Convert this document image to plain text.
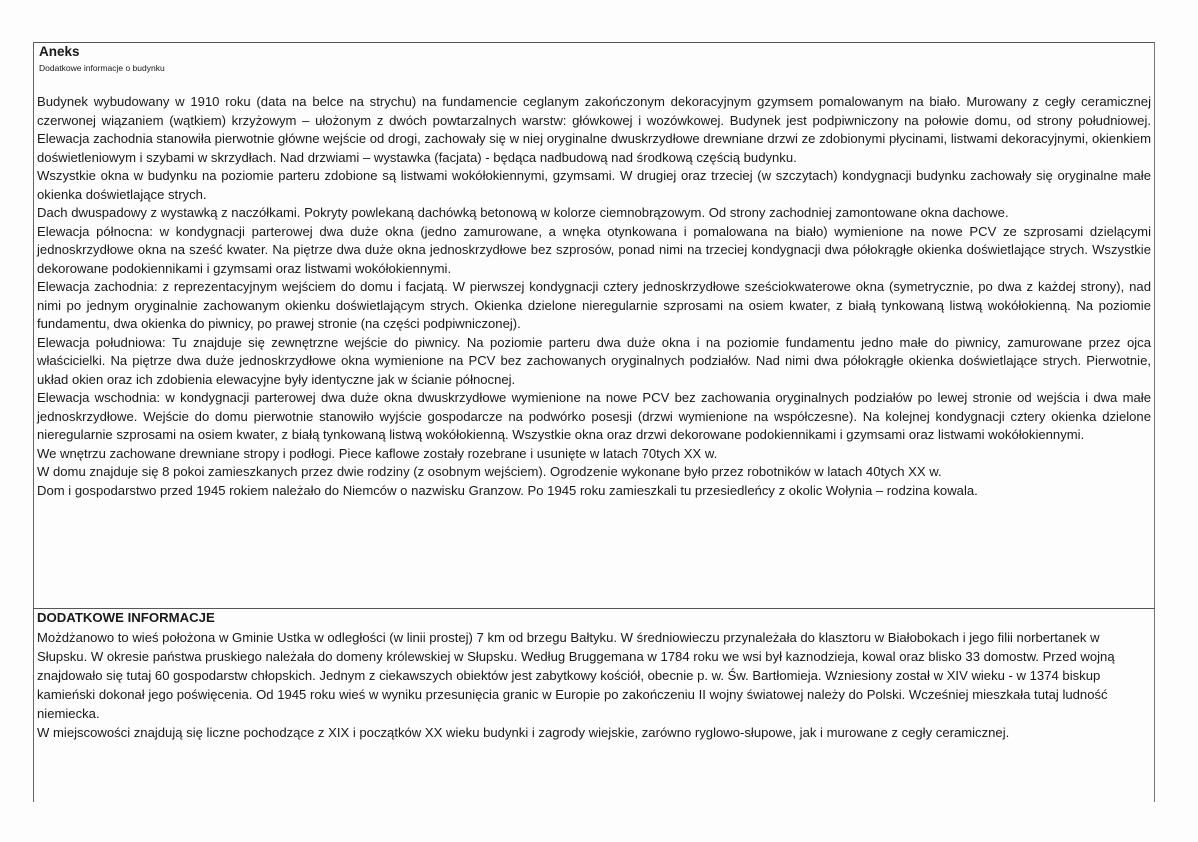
Aneks
Dodatkowe informacje o budynku

Budynek wybudowany w 1910 roku (data na belce na strychu) na fundamencie ceglanym zakończonym dekoracyjnym gzymsem pomalowanym na biało. Murowany z cegły ceramicznej czerwonej wiązaniem (wątkiem) krzyżowym – ułożonym z dwóch powtarzalnych warstw: główkowej i wozówkowej. Budynek jest podpiwniczony na połowie domu, od strony południowej. Elewacja zachodnia stanowiła pierwotnie główne wejście od drogi, zachowały się w niej oryginalne dwuskrzydłowe drewniane drzwi ze zdobionymi płycinami, listwami dekoracyjnymi, okienkiem doświetleniowym i szybami w skrzydłach. Nad drzwiami – wystawka (facjata) - będąca nadbudową nad środkową częścią budynku.

Wszystkie okna w budynku na poziomie parteru zdobione są listwami wokółokiennymi, gzymsami. W drugiej oraz trzeciej (w szczytach) kondygnacji budynku zachowały się oryginalne małe okienka doświetlające strych.

Dach dwuspadowy z wystawką z naczółkami. Pokryty powlekaną dachówką betonową w kolorze ciemnobrązowym. Od strony zachodniej zamontowane okna dachowe.

Elewacja północna: w kondygnacji parterowej dwa duże okna (jedno zamurowane, a wnęka otynkowana i pomalowana na biało) wymienione na nowe PCV ze szprosami dzielącymi jednoskrzydłowe okna na sześć kwater. Na piętrze dwa duże okna jednoskrzydłowe bez szprosów, ponad nimi na trzeciej kondygnacji dwa półokrągłe okienka doświetlające strych. Wszystkie dekorowane podokiennikami i gzymsami oraz listwami wokółokiennymi.

Elewacja zachodnia: z reprezentacyjnym wejściem do domu i facjatą. W pierwszej kondygnacji cztery jednoskrzydłowe sześciokwaterowe okna (symetrycznie, po dwa z każdej strony), nad nimi po jednym oryginalnie zachowanym okienku doświetlającym strych. Okienka dzielone nieregularnie szprosami na osiem kwater, z białą tynkowaną listwą wokółokienną. Na poziomie fundamentu, dwa okienka do piwnicy, po prawej stronie (na części podpiwniczonej).

Elewacja południowa: Tu znajduje się zewnętrzne wejście do piwnicy. Na poziomie parteru dwa duże okna i na poziomie fundamentu jedno małe do piwnicy, zamurowane przez ojca właścicielki. Na piętrze dwa duże jednoskrzydłowe okna wymienione na PCV bez zachowanych oryginalnych podziałów. Nad nimi dwa półokrągłe okienka doświetlające strych. Pierwotnie, układ okien oraz ich zdobienia elewacyjne były identyczne jak w ścianie północnej.

Elewacja wschodnia: w kondygnacji parterowej dwa duże okna dwuskrzydłowe wymienione na nowe PCV bez zachowania oryginalnych podziałów po lewej stronie od wejścia i dwa małe jednoskrzydłowe. Wejście do domu pierwotnie stanowiło wyjście gospodarcze na podwórko posesji (drzwi wymienione na współczesne). Na kolejnej kondygnacji cztery okienka dzielone nieregularnie szprosami na osiem kwater, z białą tynkowaną listwą wokółokienną. Wszystkie okna oraz drzwi dekorowane podokiennikami i gzymsami oraz listwami wokółokiennymi.

We wnętrzu zachowane drewniane stropy i podłogi. Piece kaflowe zostały rozebrane i usunięte w latach 70tych XX w.

W domu znajduje się 8 pokoi zamieszkanych przez dwie rodziny (z osobnym wejściem). Ogrodzenie wykonane było przez robotników w latach 40tych XX w.

Dom i gospodarstwo przed 1945 rokiem należało do Niemców o nazwisku Granzow. Po 1945 roku zamieszkali tu przesiedleńcy z okolic Wołynia – rodzina kowala.

DODATKOWE INFORMACJE

Możdżanowo to wieś położona w Gminie Ustka w odległości (w linii prostej) 7 km od brzegu Bałtyku. W średniowieczu przynależała do klasztoru w Białobokach i jego filii norbertanek w Słupsku. W okresie państwa pruskiego należała do domeny królewskiej w Słupsku. Według Bruggemana w 1784 roku we wsi był kaznodzieja, kowal oraz blisko 33 domostw. Przed wojną znajdowało się tutaj 60 gospodarstw chłopskich. Jednym z ciekawszych obiektów jest zabytkowy kościół, obecnie p. w. Św. Bartłomieja. Wzniesiony został w XIV wieku - w 1374 biskup kamieński dokonał jego poświęcenia. Od 1945 roku wieś w wyniku przesunięcia granic w Europie po zakończeniu II wojny światowej należy do Polski. Wcześniej mieszkała tutaj ludność niemiecka.

W miejscowości znajdują się liczne pochodzące z XIX i początków XX wieku budynki i zagrody wiejskie, zarówno ryglowo-słupowe, jak i murowane z cegły ceramicznej.
